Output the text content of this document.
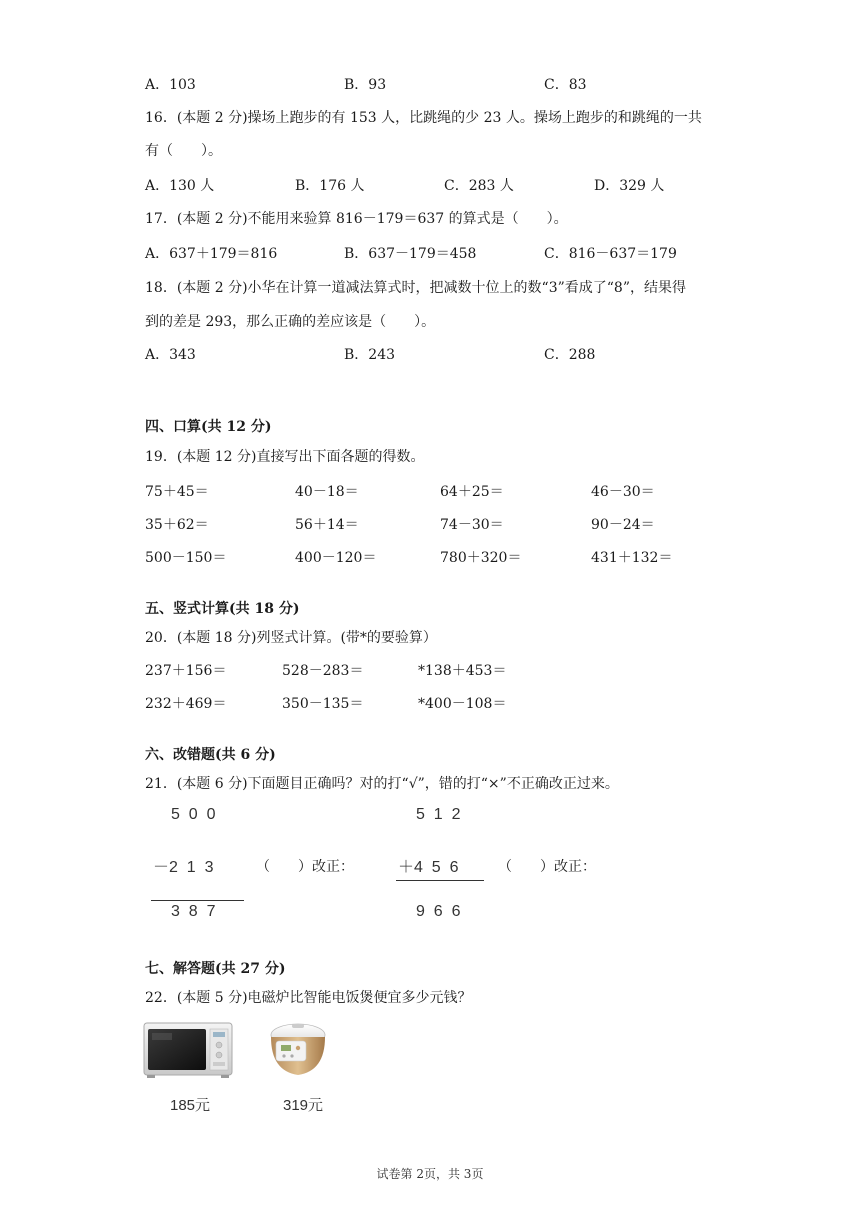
A．103	B．93	C．83
16．(本题 2 分)操场上跑步的有 153 人，比跳绳的少 23 人。操场上跑步的和跳绳的一共
有（　　）。
A．130 人	B．176 人	C．283 人	D．329 人
17．(本题 2 分)不能用来验算 816－179＝637 的算式是（　　）。
A．637＋179＝816	B．637－179＝458	C．816－637＝179
18．(本题 2 分)小华在计算一道减法算式时，把减数十位上的数“3”看成了“8”，结果得
到的差是 293，那么正确的差应该是（　　）。
A．343	B．243	C．288
四、口算(共 12 分)
19．(本题 12 分)直接写出下面各题的得数。
75＋45＝	40－18＝	64＋25＝	46－30＝
35＋62＝	56＋14＝	74－30＝	90－24＝
500－150＝	400－120＝	780＋320＝	431＋132＝
五、竖式计算(共 18 分)
20．(本题 18 分)列竖式计算。(带*的要验算）
237＋156＝	528－283＝	*138＋453＝
232＋469＝	350－135＝	*400－108＝
六、改错题(共 6 分)
21．(本题 6 分)下面题目正确吗？对的打“√”，错的打“×”不正确改正过来。
5  0  0
－2  1  3
3  8  7
（　　）改正：
5  1  2
＋4  5  6
9  6  6
（　　）改正：
七、解答题(共 27 分)
22．(本题 5 分)电磁炉比智能电饭煲便宜多少元钱？
185元	319元
试卷第 2页，共 3页
